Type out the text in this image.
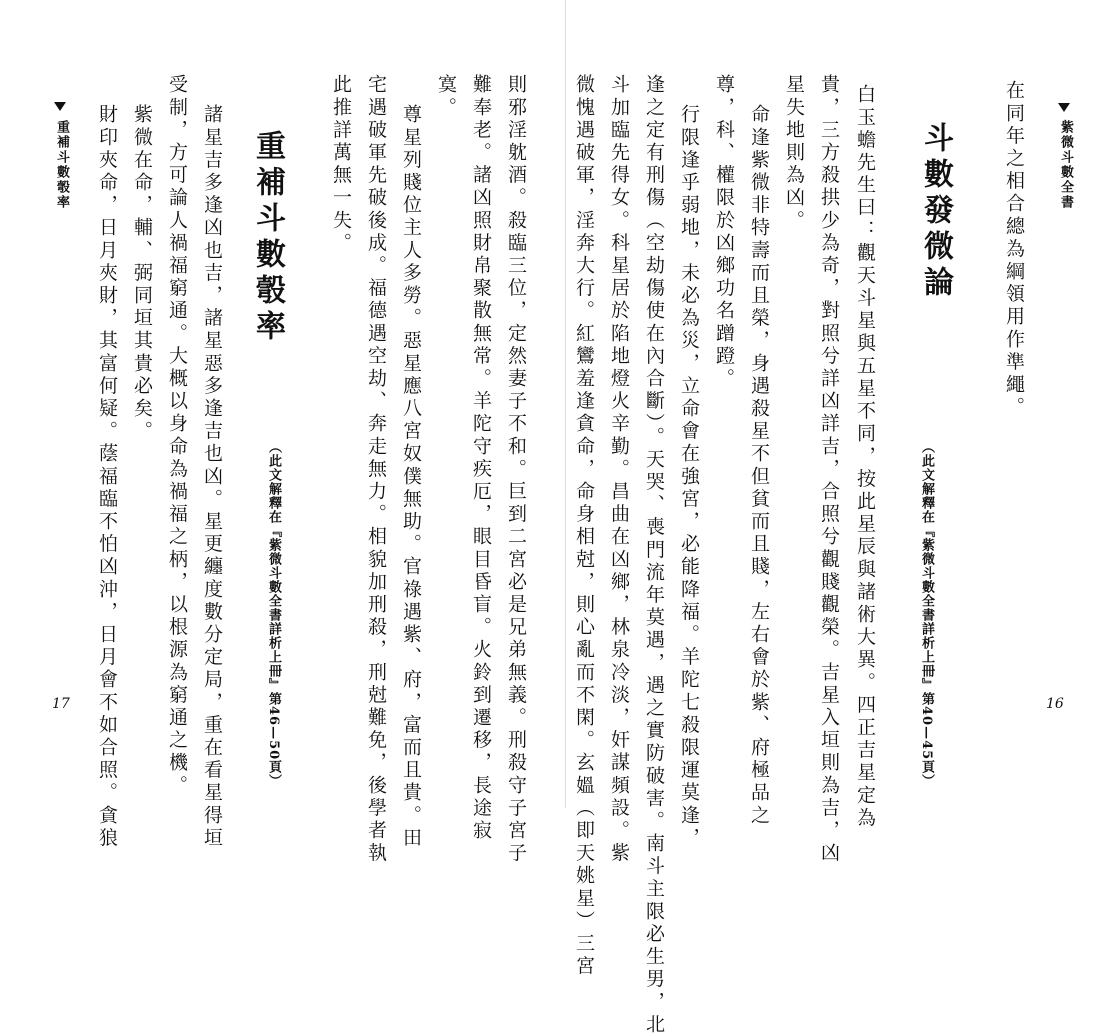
紫微斗數全書
16
在同年之相合總為綱領用作準繩。
斗數發微論
（此文解釋在『紫微斗數全書詳析上冊』第40—45頁）
白玉蟾先生曰：觀天斗星與五星不同，按此星辰與諸術大異。四正吉星定為
貴，三方殺拱少為奇，對照兮詳凶詳吉，合照兮觀賤觀榮。吉星入垣則為吉，凶
星失地則為凶。
命逢紫微非特壽而且榮，身遇殺星不但貧而且賤，左右會於紫、府極品之
尊，科、權限於凶鄉功名蹭蹬。
行限逢乎弱地，未必為災，立命會在強宮，必能降福。羊陀七殺限運莫逢，
逢之定有刑傷（空劫傷使在內合斷）。天哭、喪門流年莫遇，遇之實防破害。南斗主限必生男，北
斗加臨先得女。科星居於陷地燈火辛勤。昌曲在凶鄉，林泉冷淡，奸謀頻設。紫
微愧遇破軍，淫奔大行。紅鸞羞逢貪命，命身相尅，則心亂而不閑。玄媼（即天姚星）三宮
則邪淫躭酒。殺臨三位，定然妻子不和。巨到二宮必是兄弟無義。刑殺守子宮子
難奉老。諸凶照財帛聚散無常。羊陀守疾厄，眼目昏盲。火鈴到遷移，長途寂
寞。
尊星列賤位主人多勞。惡星應八宮奴僕無助。官祿遇紫、府，富而且貴。田
宅遇破軍先破後成。福德遇空劫、奔走無力。相貌加刑殺，刑尅難免，後學者執
此推詳萬無一失。
（此文解釋在『紫微斗數全書詳析上冊』第46—50頁）
重補斗數彀率
諸星吉多逢凶也吉，諸星惡多逢吉也凶。星更纏度數分定局，重在看星得垣
受制，方可論人禍福窮通。大概以身命為禍福之柄，以根源為窮通之機。
紫微在命，輔、弼同垣其貴必矣。
財印夾命，日月夾財，其富何疑。蔭福臨不怕凶沖，日月會不如合照。貪狼
重補斗數彀率
17
